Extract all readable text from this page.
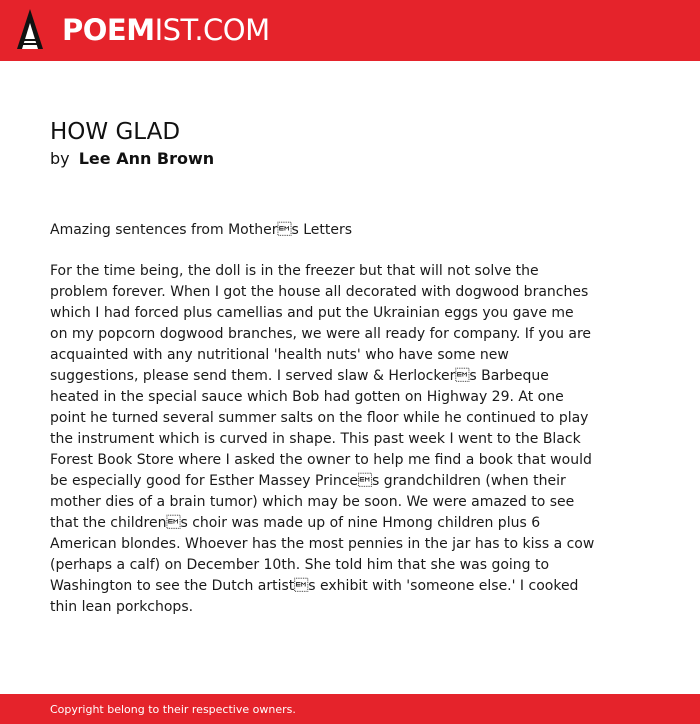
POEMIST.COM
HOW GLAD
by Lee Ann Brown
Amazing sentences from Mothers Letters

For the time being, the doll is in the freezer but that will not solve the problem forever. When I got the house all decorated with dogwood branches which I had forced plus camellias and put the Ukrainian eggs you gave me on my popcorn dogwood branches, we were all ready for company. If you are acquainted with any nutritional 'health nuts' who have some new suggestions, please send them. I served slaw & Herlockers Barbeque heated in the special sauce which Bob had gotten on Highway 29. At one point he turned several summer salts on the floor while he continued to play the instrument which is curved in shape. This past week I went to the Black Forest Book Store where I asked the owner to help me find a book that would be especially good for Esther Massey Princes grandchildren (when their mother dies of a brain tumor) which may be soon. We were amazed to see that the childrens choir was made up of nine Hmong children plus 6 American blondes. Whoever has the most pennies in the jar has to kiss a cow (perhaps a calf) on December 10th. She told him that she was going to Washington to see the Dutch artists exhibit with 'someone else.' I cooked thin lean porkchops.

Copyright belong to their respective owners.
